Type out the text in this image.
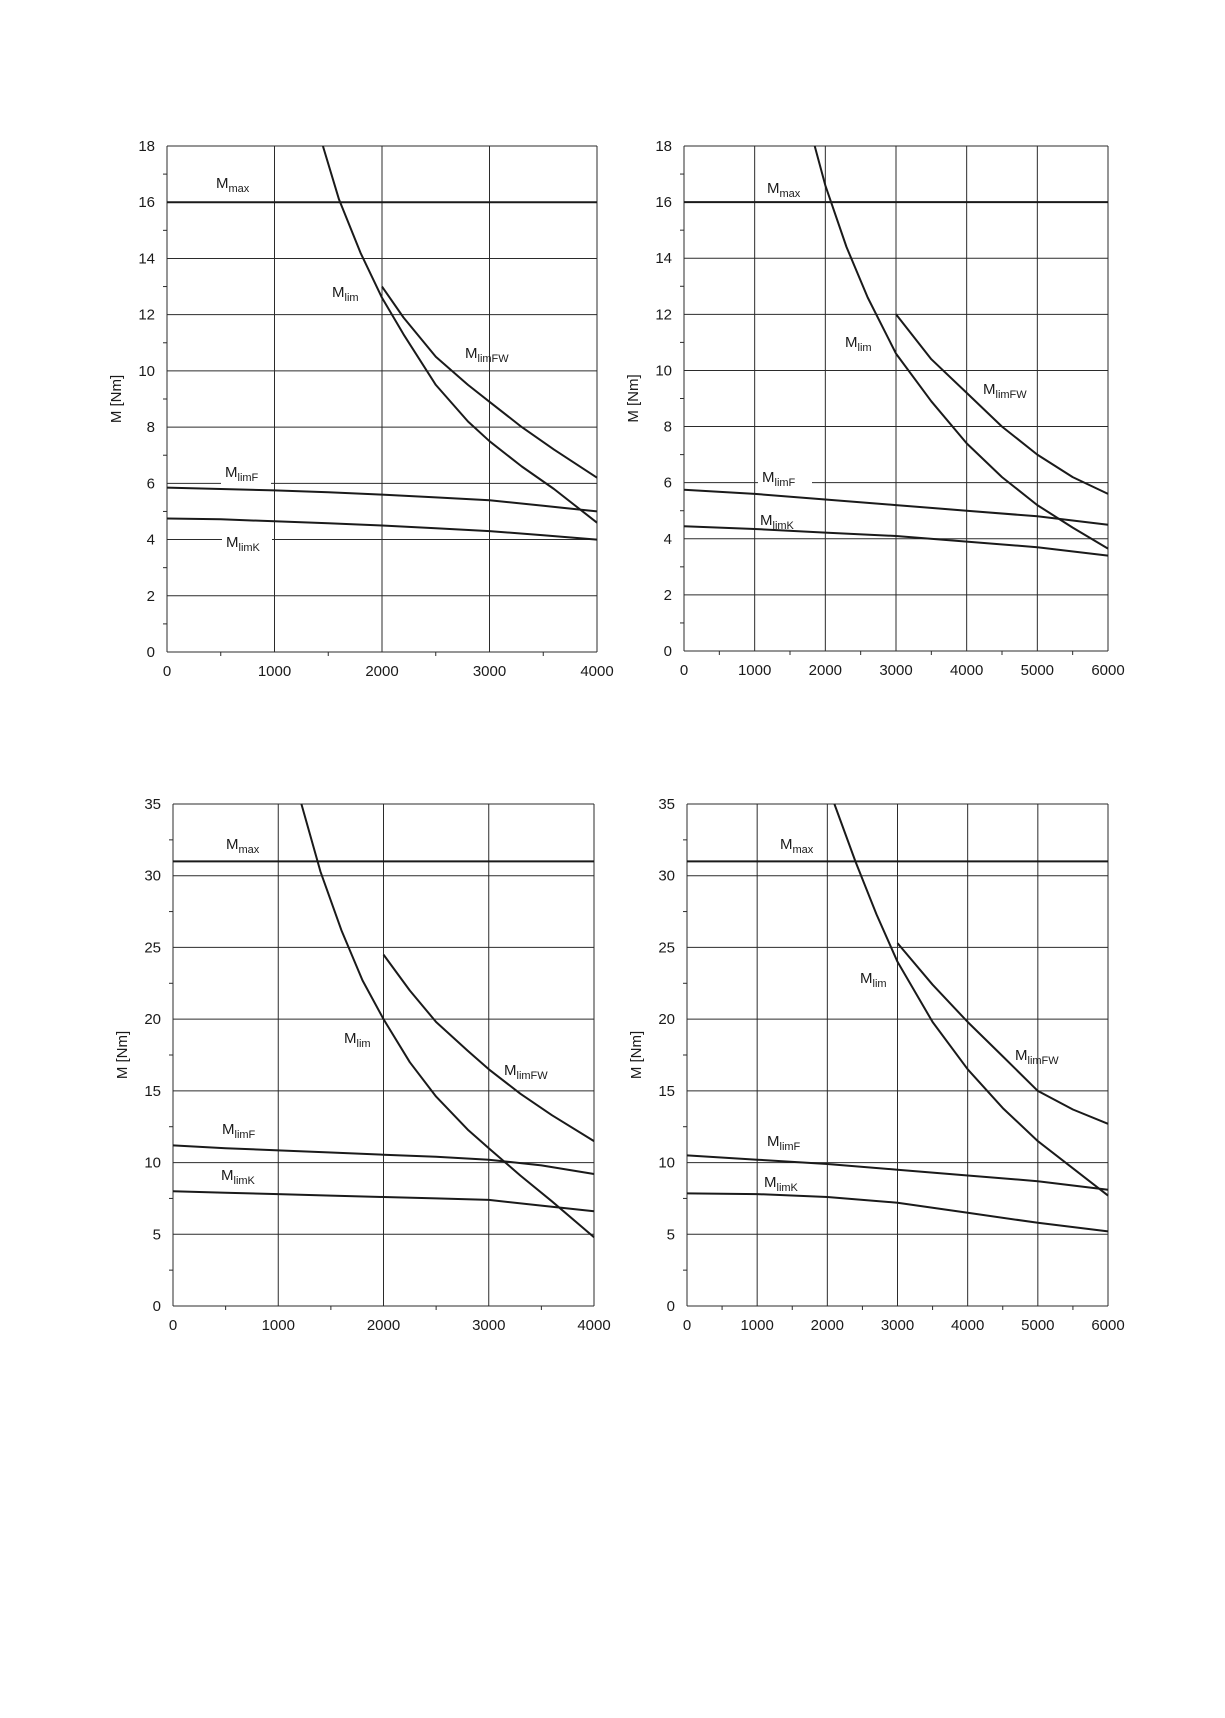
0	1000	2000	3000	4000
0
2
4
6
8
10
12
14
16
18
M [Nm]
$M_{max}$
$M_{lim}$
$M_{limFW}$
$M_{limF}$
$M_{limK}$
0	1000 2000 3000 4000 5000 6000
0
2
4
6
8
10
12
14
16
18
M [Nm]
$M_{max}$
$M_{lim}$
$M_{limFW}$
$M_{limF}$
$M_{limK}$
0	1000	2000	3000	4000
0
5
10
15
20
25
30
35
M [Nm]
$M_{max}$
$M_{lim}$
$M_{limFW}$
$M_{limF}$
$M_{limK}$
0	1000 2000 3000 4000 5000 6000
0
5
10
15
20
25
30
35
M [Nm]
$M_{max}$
$M_{lim}$
$M_{limFW}$
$M_{limF}$
$M_{limK}$
